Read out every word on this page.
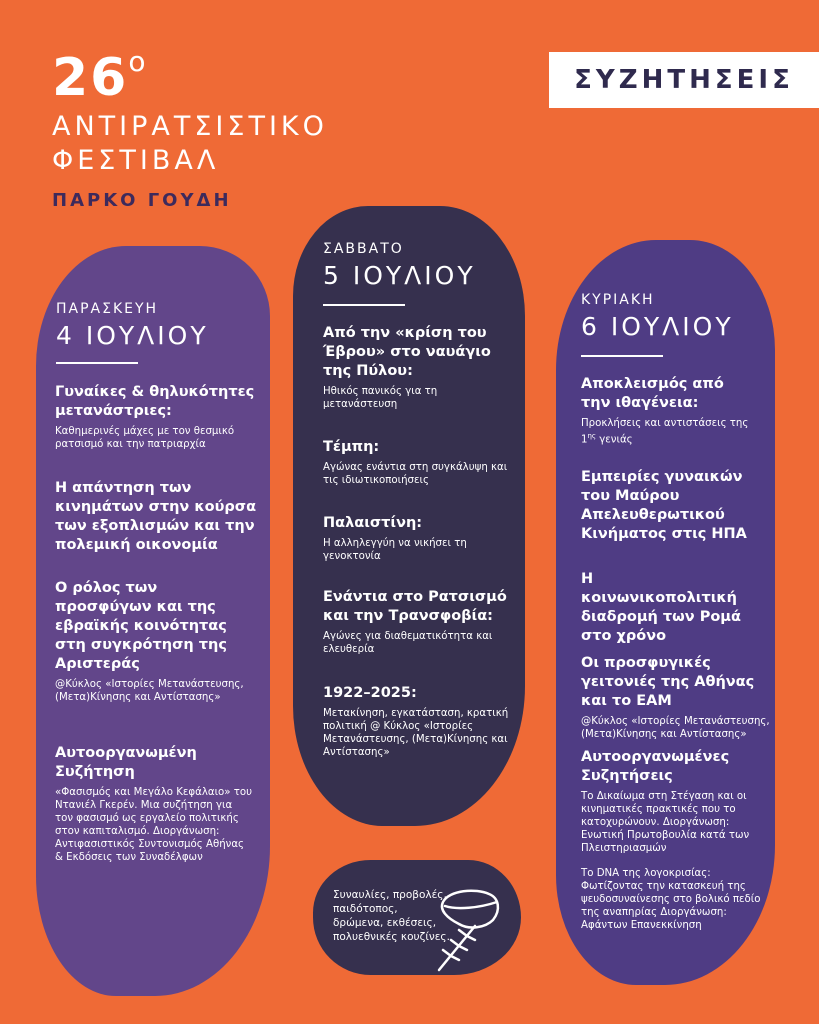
$26^o$
ΑΝΤΙΡΑΤΣΙΣΤΙΚΟ
ΦΕΣΤΙΒΑΛ
ΠΑΡΚΟ ΓΟΥΔΗ
ΣΥΖΗΤΗΣΕΙΣ
ΠΑΡΑΣΚΕΥΗ
4 ΙΟΥΛΙΟΥ
Γυναίκες & θηλυκότητες μετανάστριες:
Καθημερινές μάχες με τον θεσμικό ρατσισμό και την πατριαρχία
Η απάντηση των κινημάτων στην κούρσα των εξοπλισμών και την πολεμική οικονομία
Ο ρόλος των προσφύγων και της εβραϊκής κοινότητας στη συγκρότηση της Αριστεράς
@Κύκλος «Ιστορίες Μετανάστευσης, (Μετα)Κίνησης και Αντίστασης»
Αυτοοργανωμένη Συζήτηση
«Φασισμός και Μεγάλο Κεφάλαιο» του Ντανιέλ Γκερέν. Μια συζήτηση για τον φασισμό ως εργαλείο πολιτικής στον καπιταλισμό. Διοργάνωση: Αντιφασιστικός Συντονισμός Αθήνας & Εκδόσεις των Συναδέλφων
ΣΑΒΒΑΤΟ
5 ΙΟΥΛΙΟΥ
Από την «κρίση του Έβρου» στο ναυάγιο της Πύλου:
Ηθικός πανικός για τη μετανάστευση
Τέμπη:
Αγώνας ενάντια στη συγκάλυψη και τις ιδιωτικοποιήσεις
Παλαιστίνη:
Η αλληλεγγύη να νικήσει τη γενοκτονία
Ενάντια στο Ρατσισμό και την Τρανσφοβία:
Αγώνες για διαθεματικότητα και ελευθερία
1922–2025:
Μετακίνηση, εγκατάσταση, κρατική πολιτική @ Κύκλος «Ιστορίες Μετανάστευσης, (Μετα)Κίνησης και Αντίστασης»
ΚΥΡΙΑΚΗ
6 ΙΟΥΛΙΟΥ
Αποκλεισμός από την ιθαγένεια:
Προκλήσεις και αντιστάσεις της $1^{\eta\varsigma}$ γενιάς
Εμπειρίες γυναικών του Μαύρου Απελευθερωτικού Κινήματος στις ΗΠΑ
Η κοινωνικοπολιτική διαδρομή των Ρομά στο χρόνο
Οι προσφυγικές γειτονιές της Αθήνας και το ΕΑΜ
@Κύκλος «Ιστορίες Μετανάστευσης, (Μετα)Κίνησης και Αντίστασης»
Αυτοοργανωμένες Συζητήσεις
Το Δικαίωμα στη Στέγαση και οι κινηματικές πρακτικές που το κατοχυρώνουν. Διοργάνωση: Ενωτική Πρωτοβουλία κατά των Πλειστηριασμών
Το DNA της λογοκρισίας: Φωτίζοντας την κατασκευή της ψευδοσυναίνεσης στο βολικό πεδίο της αναπηρίας Διοργάνωση: Αφάντων Επανεκκίνηση
Συναυλίες, προβολές, παιδότοπος, δρώμενα, εκθέσεις, πολυεθνικές κουζίνες.
